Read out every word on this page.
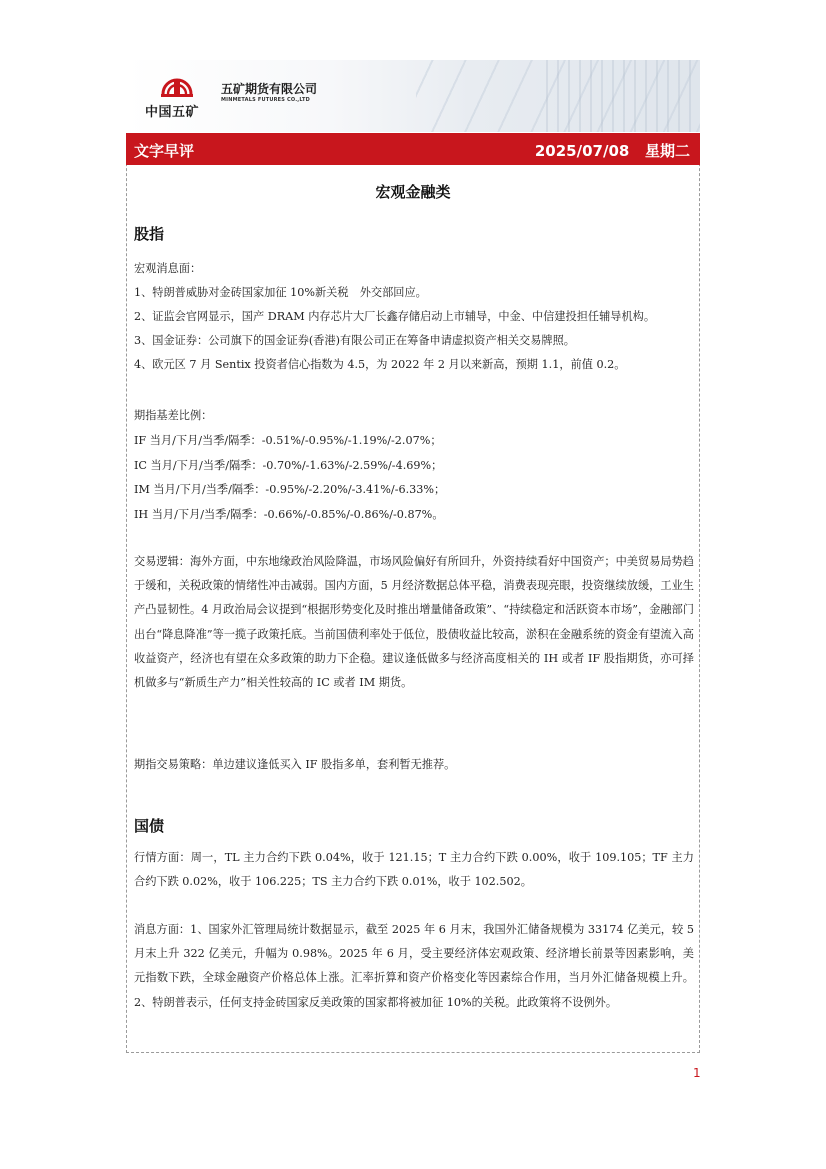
中国五矿
五矿期货有限公司
MINMETALS FUTURES CO.,LTD
文字早评	2025/07/08 星期二
宏观金融类
股指
宏观消息面：
1、特朗普威胁对金砖国家加征 10%新关税　外交部回应。
2、证监会官网显示，国产 DRAM 内存芯片大厂长鑫存储启动上市辅导，中金、中信建投担任辅导机构。
3、国金证券：公司旗下的国金证券(香港)有限公司正在筹备申请虚拟资产相关交易牌照。
4、欧元区 7 月 Sentix 投资者信心指数为 4.5，为 2022 年 2 月以来新高，预期 1.1，前值 0.2。
期指基差比例：
IF 当月/下月/当季/隔季：-0.51%/-0.95%/-1.19%/-2.07%；
IC 当月/下月/当季/隔季：-0.70%/-1.63%/-2.59%/-4.69%；
IM 当月/下月/当季/隔季：-0.95%/-2.20%/-3.41%/-6.33%；
IH 当月/下月/当季/隔季：-0.66%/-0.85%/-0.86%/-0.87%。
交易逻辑：海外方面，中东地缘政治风险降温，市场风险偏好有所回升，外资持续看好中国资产；中美贸易局势趋于缓和，关税政策的情绪性冲击减弱。国内方面，5 月经济数据总体平稳，消费表现亮眼，投资继续放缓，工业生产凸显韧性。4 月政治局会议提到“根据形势变化及时推出增量储备政策”、“持续稳定和活跃资本市场”，金融部门出台“降息降准”等一揽子政策托底。当前国债利率处于低位，股债收益比较高，淤积在金融系统的资金有望流入高收益资产，经济也有望在众多政策的助力下企稳。建议逢低做多与经济高度相关的 IH 或者 IF 股指期货，亦可择机做多与“新质生产力”相关性较高的 IC 或者 IM 期货。
期指交易策略：单边建议逢低买入 IF 股指多单，套利暂无推荐。
国债
行情方面：周一，TL 主力合约下跌 0.04%，收于 121.15；T 主力合约下跌 0.00%，收于 109.105；TF 主力合约下跌 0.02%，收于 106.225；TS 主力合约下跌 0.01%，收于 102.502。
消息方面：1、国家外汇管理局统计数据显示，截至 2025 年 6 月末，我国外汇储备规模为 33174 亿美元，较 5 月末上升 322 亿美元，升幅为 0.98%。2025 年 6 月，受主要经济体宏观政策、经济增长前景等因素影响，美元指数下跌，全球金融资产价格总体上涨。汇率折算和资产价格变化等因素综合作用，当月外汇储备规模上升。2、特朗普表示，任何支持金砖国家反美政策的国家都将被加征 10%的关税。此政策将不设例外。
1
